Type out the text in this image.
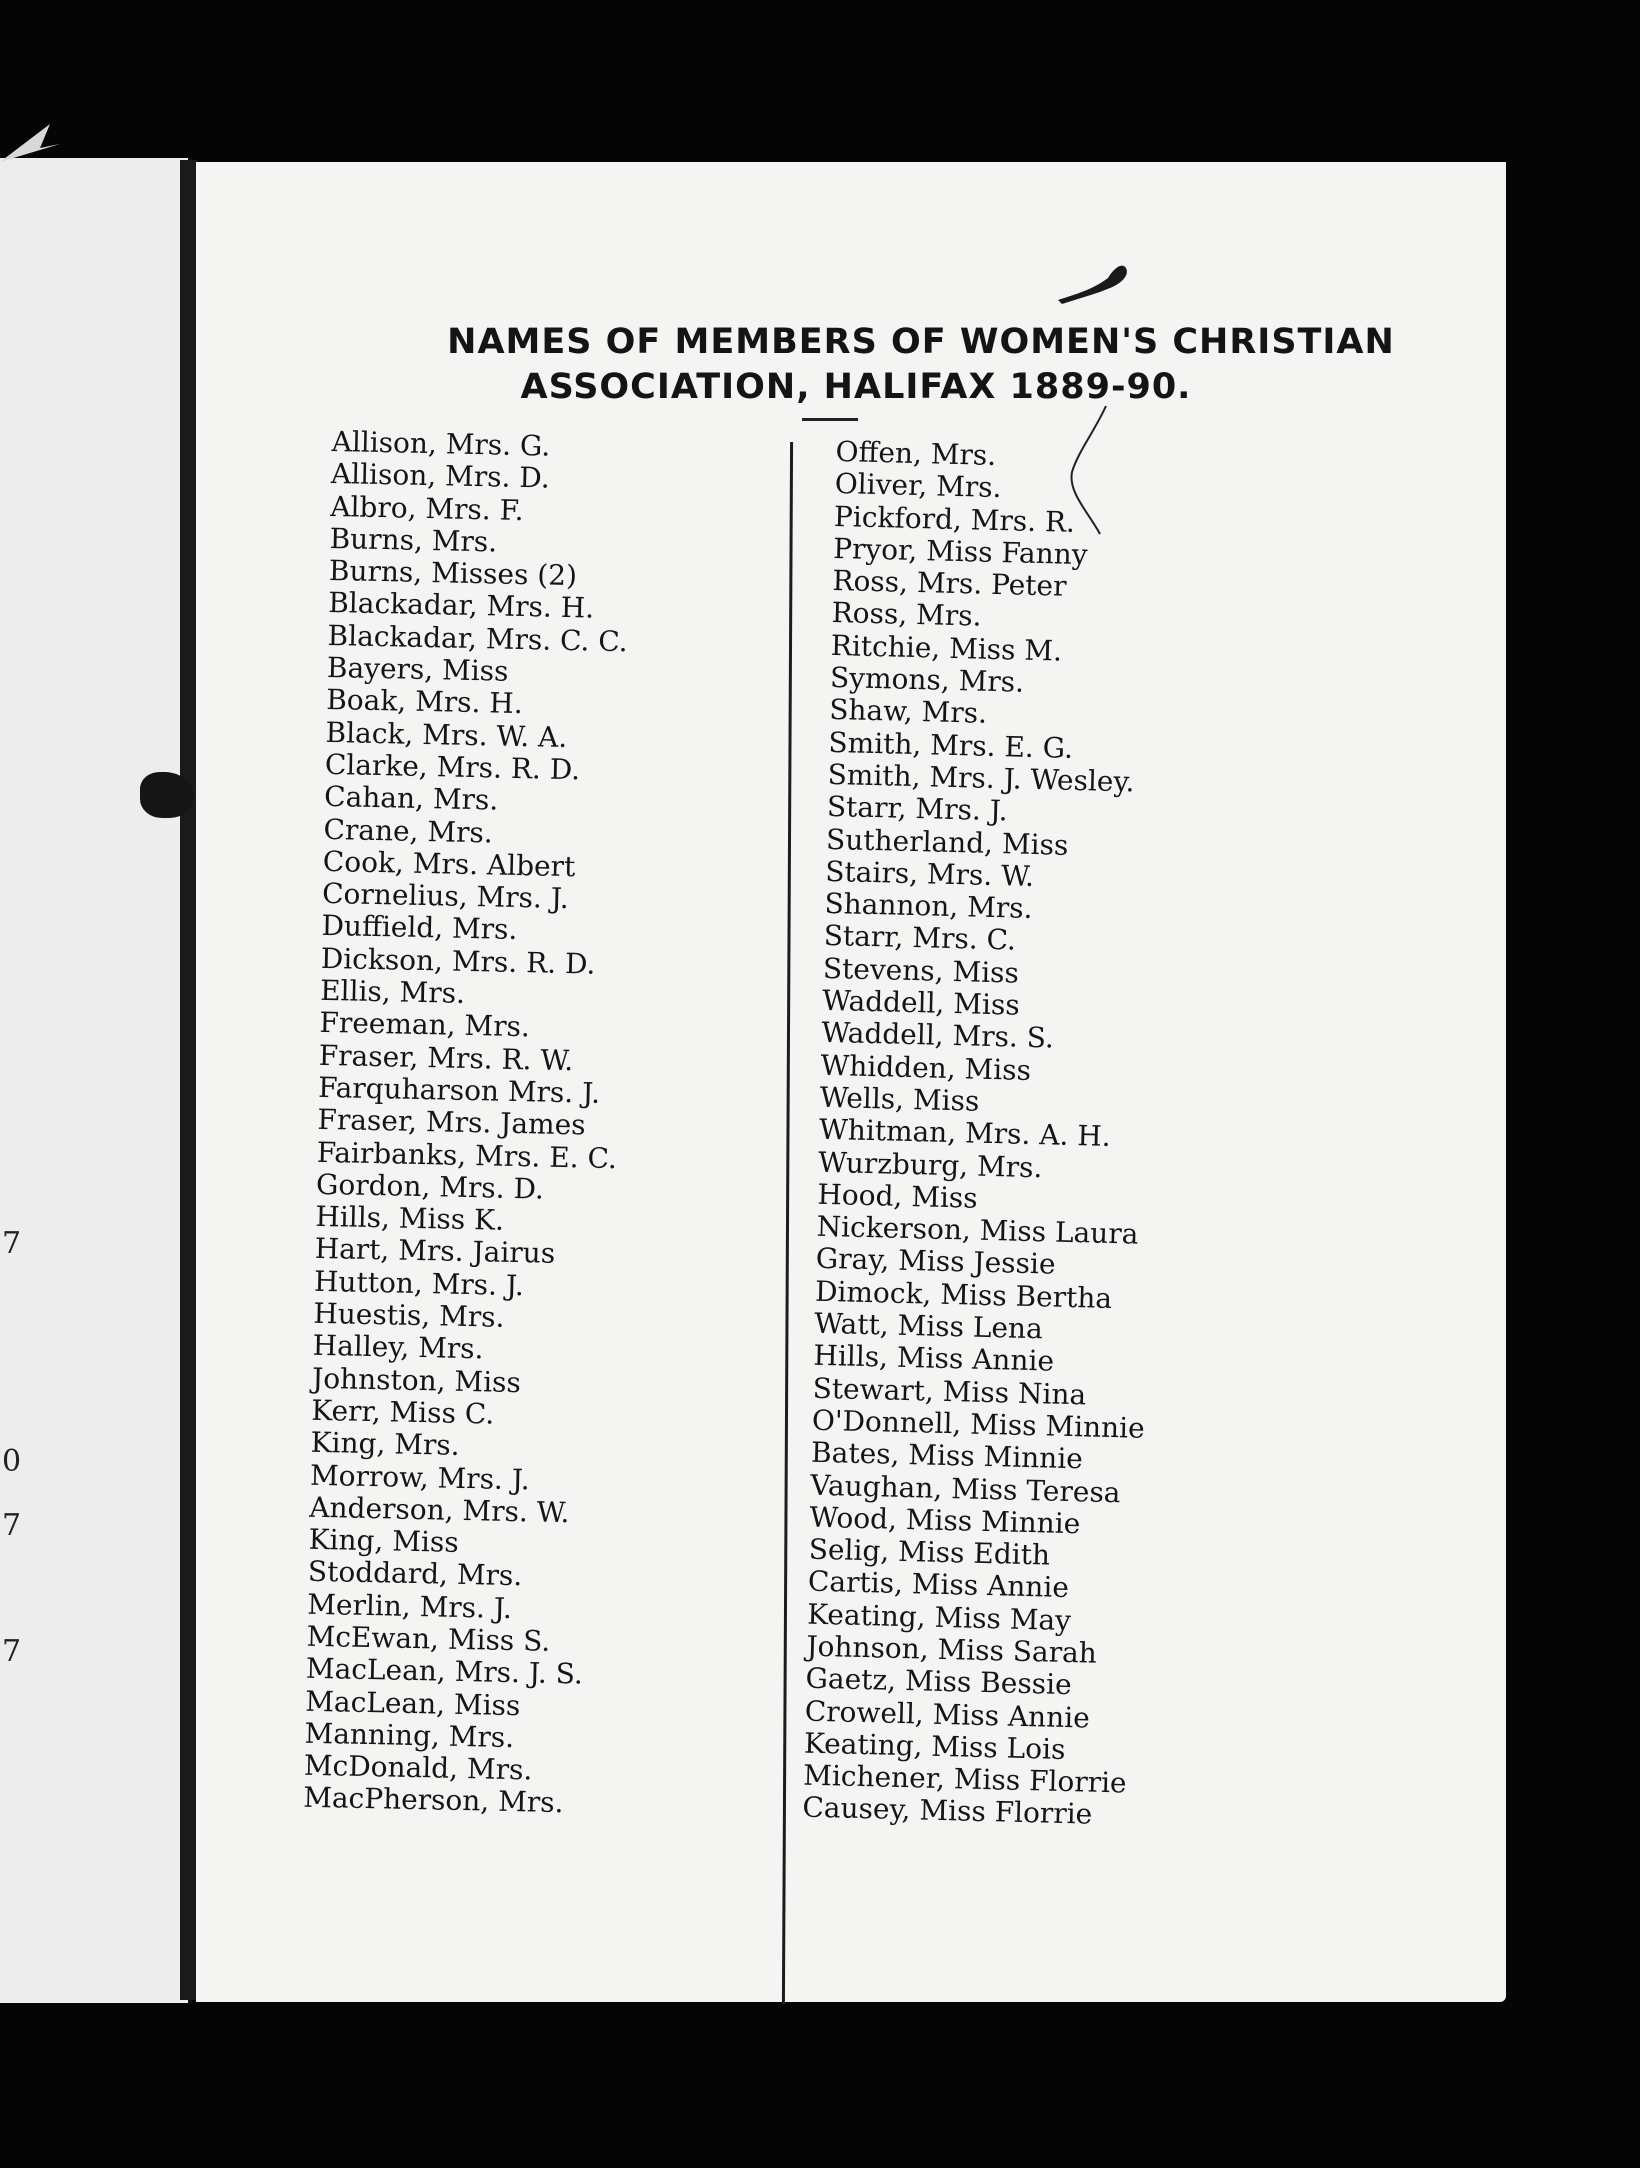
7
0
7
7
NAMES OF MEMBERS OF WOMEN'S CHRISTIAN
ASSOCIATION, HALIFAX 1889-90.
Allison, Mrs. G.
Allison, Mrs. D.
Albro, Mrs. F.
Burns, Mrs.
Burns, Misses (2)
Blackadar, Mrs. H.
Blackadar, Mrs. C. C.
Bayers, Miss
Boak, Mrs. H.
Black, Mrs. W. A.
Clarke, Mrs. R. D.
Cahan, Mrs.
Crane, Mrs.
Cook, Mrs. Albert
Cornelius, Mrs. J.
Duffield, Mrs.
Dickson, Mrs. R. D.
Ellis, Mrs.
Freeman, Mrs.
Fraser, Mrs. R. W.
Farquharson Mrs. J.
Fraser, Mrs. James
Fairbanks, Mrs. E. C.
Gordon, Mrs. D.
Hills, Miss K.
Hart, Mrs. Jairus
Hutton, Mrs. J.
Huestis, Mrs.
Halley, Mrs.
Johnston, Miss
Kerr, Miss C.
King, Mrs.
Morrow, Mrs. J.
Anderson, Mrs. W.
King, Miss
Stoddard, Mrs.
Merlin, Mrs. J.
McEwan, Miss S.
MacLean, Mrs. J. S.
MacLean, Miss
Manning, Mrs.
McDonald, Mrs.
MacPherson, Mrs.
Offen, Mrs.
Oliver, Mrs.
Pickford, Mrs. R.
Pryor, Miss Fanny
Ross, Mrs. Peter
Ross, Mrs.
Ritchie, Miss M.
Symons, Mrs.
Shaw, Mrs.
Smith, Mrs. E. G.
Smith, Mrs. J. Wesley.
Starr, Mrs. J.
Sutherland, Miss
Stairs, Mrs. W.
Shannon, Mrs.
Starr, Mrs. C.
Stevens, Miss
Waddell, Miss
Waddell, Mrs. S.
Whidden, Miss
Wells, Miss
Whitman, Mrs. A. H.
Wurzburg, Mrs.
Hood, Miss
Nickerson, Miss Laura
Gray, Miss Jessie
Dimock, Miss Bertha
Watt, Miss Lena
Hills, Miss Annie
Stewart, Miss Nina
O'Donnell, Miss Minnie
Bates, Miss Minnie
Vaughan, Miss Teresa
Wood, Miss Minnie
Selig, Miss Edith
Cartis, Miss Annie
Keating, Miss May
Johnson, Miss Sarah
Gaetz, Miss Bessie
Crowell, Miss Annie
Keating, Miss Lois
Michener, Miss Florrie
Causey, Miss Florrie
